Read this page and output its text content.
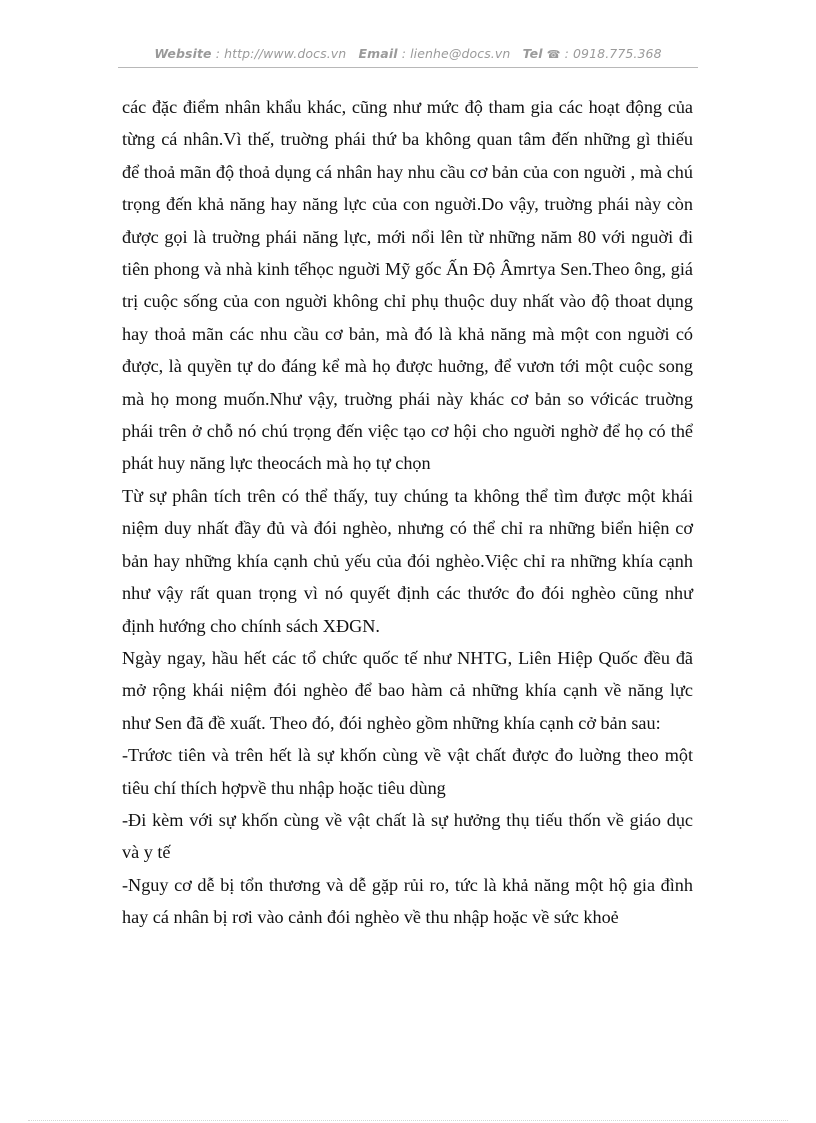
Website : http://www.docs.vn Email : lienhe@docs.vn Tel ☎ : 0918.775.368

các đặc điểm nhân khẩu khác, cũng như mức độ tham gia các hoạt động của từng cá nhân.Vì thế, truờng phái thứ ba không quan tâm đến những gì thiếu để thoả mãn độ thoả dụng cá nhân hay nhu cầu cơ bản của con nguời , mà chú trọng đến khả năng hay năng lực của con nguời.Do vậy, truờng phái này còn được gọi là truờng phái năng lực, mới nổi lên từ những năm 80 với nguời đi tiên phong và nhà kinh tếhọc nguời Mỹ gốc Ấn Độ Âmrtya Sen.Theo ông, giá trị cuộc sống của con nguời không chỉ phụ thuộc duy nhất vào độ thoat dụng hay thoả mãn các nhu cầu cơ bản, mà đó là khả năng mà một con nguời có được, là quyền tự do đáng kể mà họ được huởng, để vươn tới một cuộc song mà họ mong muốn.Như vậy, truờng phái này khác cơ bản so vớicác truờng phái trên ở chỗ nó chú trọng đến việc tạo cơ hội cho nguời nghờ để họ có thể phát huy năng lực theocách mà họ tự chọn

Từ sự phân tích trên có thể thấy, tuy chúng ta không thể tìm được một khái niệm duy nhất đầy đủ và đói nghèo, nhưng có thể chỉ ra những biển hiện cơ bản hay những khía cạnh chủ yếu của đói nghèo.Việc chỉ ra những khía cạnh như vậy rất quan trọng vì nó quyết định các thước đo đói nghèo cũng như định hướng cho chính sách XĐGN.

Ngày ngay, hầu hết các tổ chức quốc tế như NHTG, Liên Hiệp Quốc đều đã mở rộng khái niệm đói nghèo để bao hàm cả những khía cạnh về năng lực như Sen đã đề xuất. Theo đó, đói nghèo gồm những khía cạnh cở bản sau:

-Trứơc tiên và trên hết là sự khốn cùng về vật chất được đo luờng theo một tiêu chí thích hợpvề thu nhập hoặc tiêu dùng

-Đi kèm với sự khốn cùng về vật chất là sự hưởng thụ tiếu thốn về giáo dục và y tế

-Nguy cơ dễ bị tổn thương và dễ gặp rủi ro, tức là khả năng một hộ gia đình hay cá nhân bị rơi vào cảnh đói nghèo về thu nhập hoặc về sức khoẻ
